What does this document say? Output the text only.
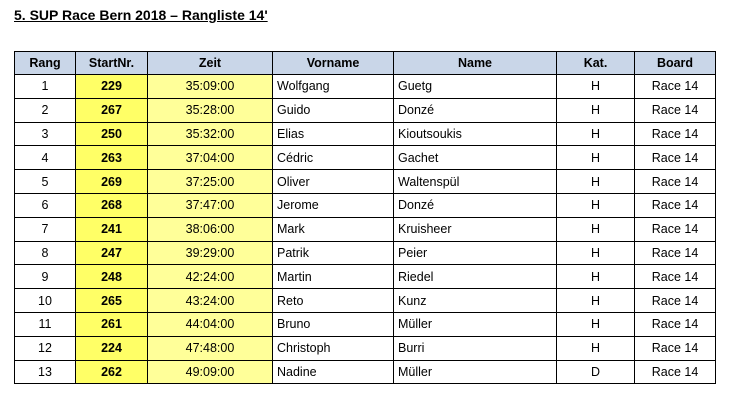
5. SUP Race Bern 2018 – Rangliste 14'
Rang	StartNr.	Zeit	Vorname	Name	Kat.	Board
1	229	35:09:00	Wolfgang	Guetg	H	Race 14
2	267	35:28:00	Guido	Donzé	H	Race 14
3	250	35:32:00	Elias	Kioutsoukis	H	Race 14
4	263	37:04:00	Cédric	Gachet	H	Race 14
5	269	37:25:00	Oliver	Waltenspül	H	Race 14
6	268	37:47:00	Jerome	Donzé	H	Race 14
7	241	38:06:00	Mark	Kruisheer	H	Race 14
8	247	39:29:00	Patrik	Peier	H	Race 14
9	248	42:24:00	Martin	Riedel	H	Race 14
10	265	43:24:00	Reto	Kunz	H	Race 14
11	261	44:04:00	Bruno	Müller	H	Race 14
12	224	47:48:00	Christoph	Burri	H	Race 14
13	262	49:09:00	Nadine	Müller	D	Race 14
